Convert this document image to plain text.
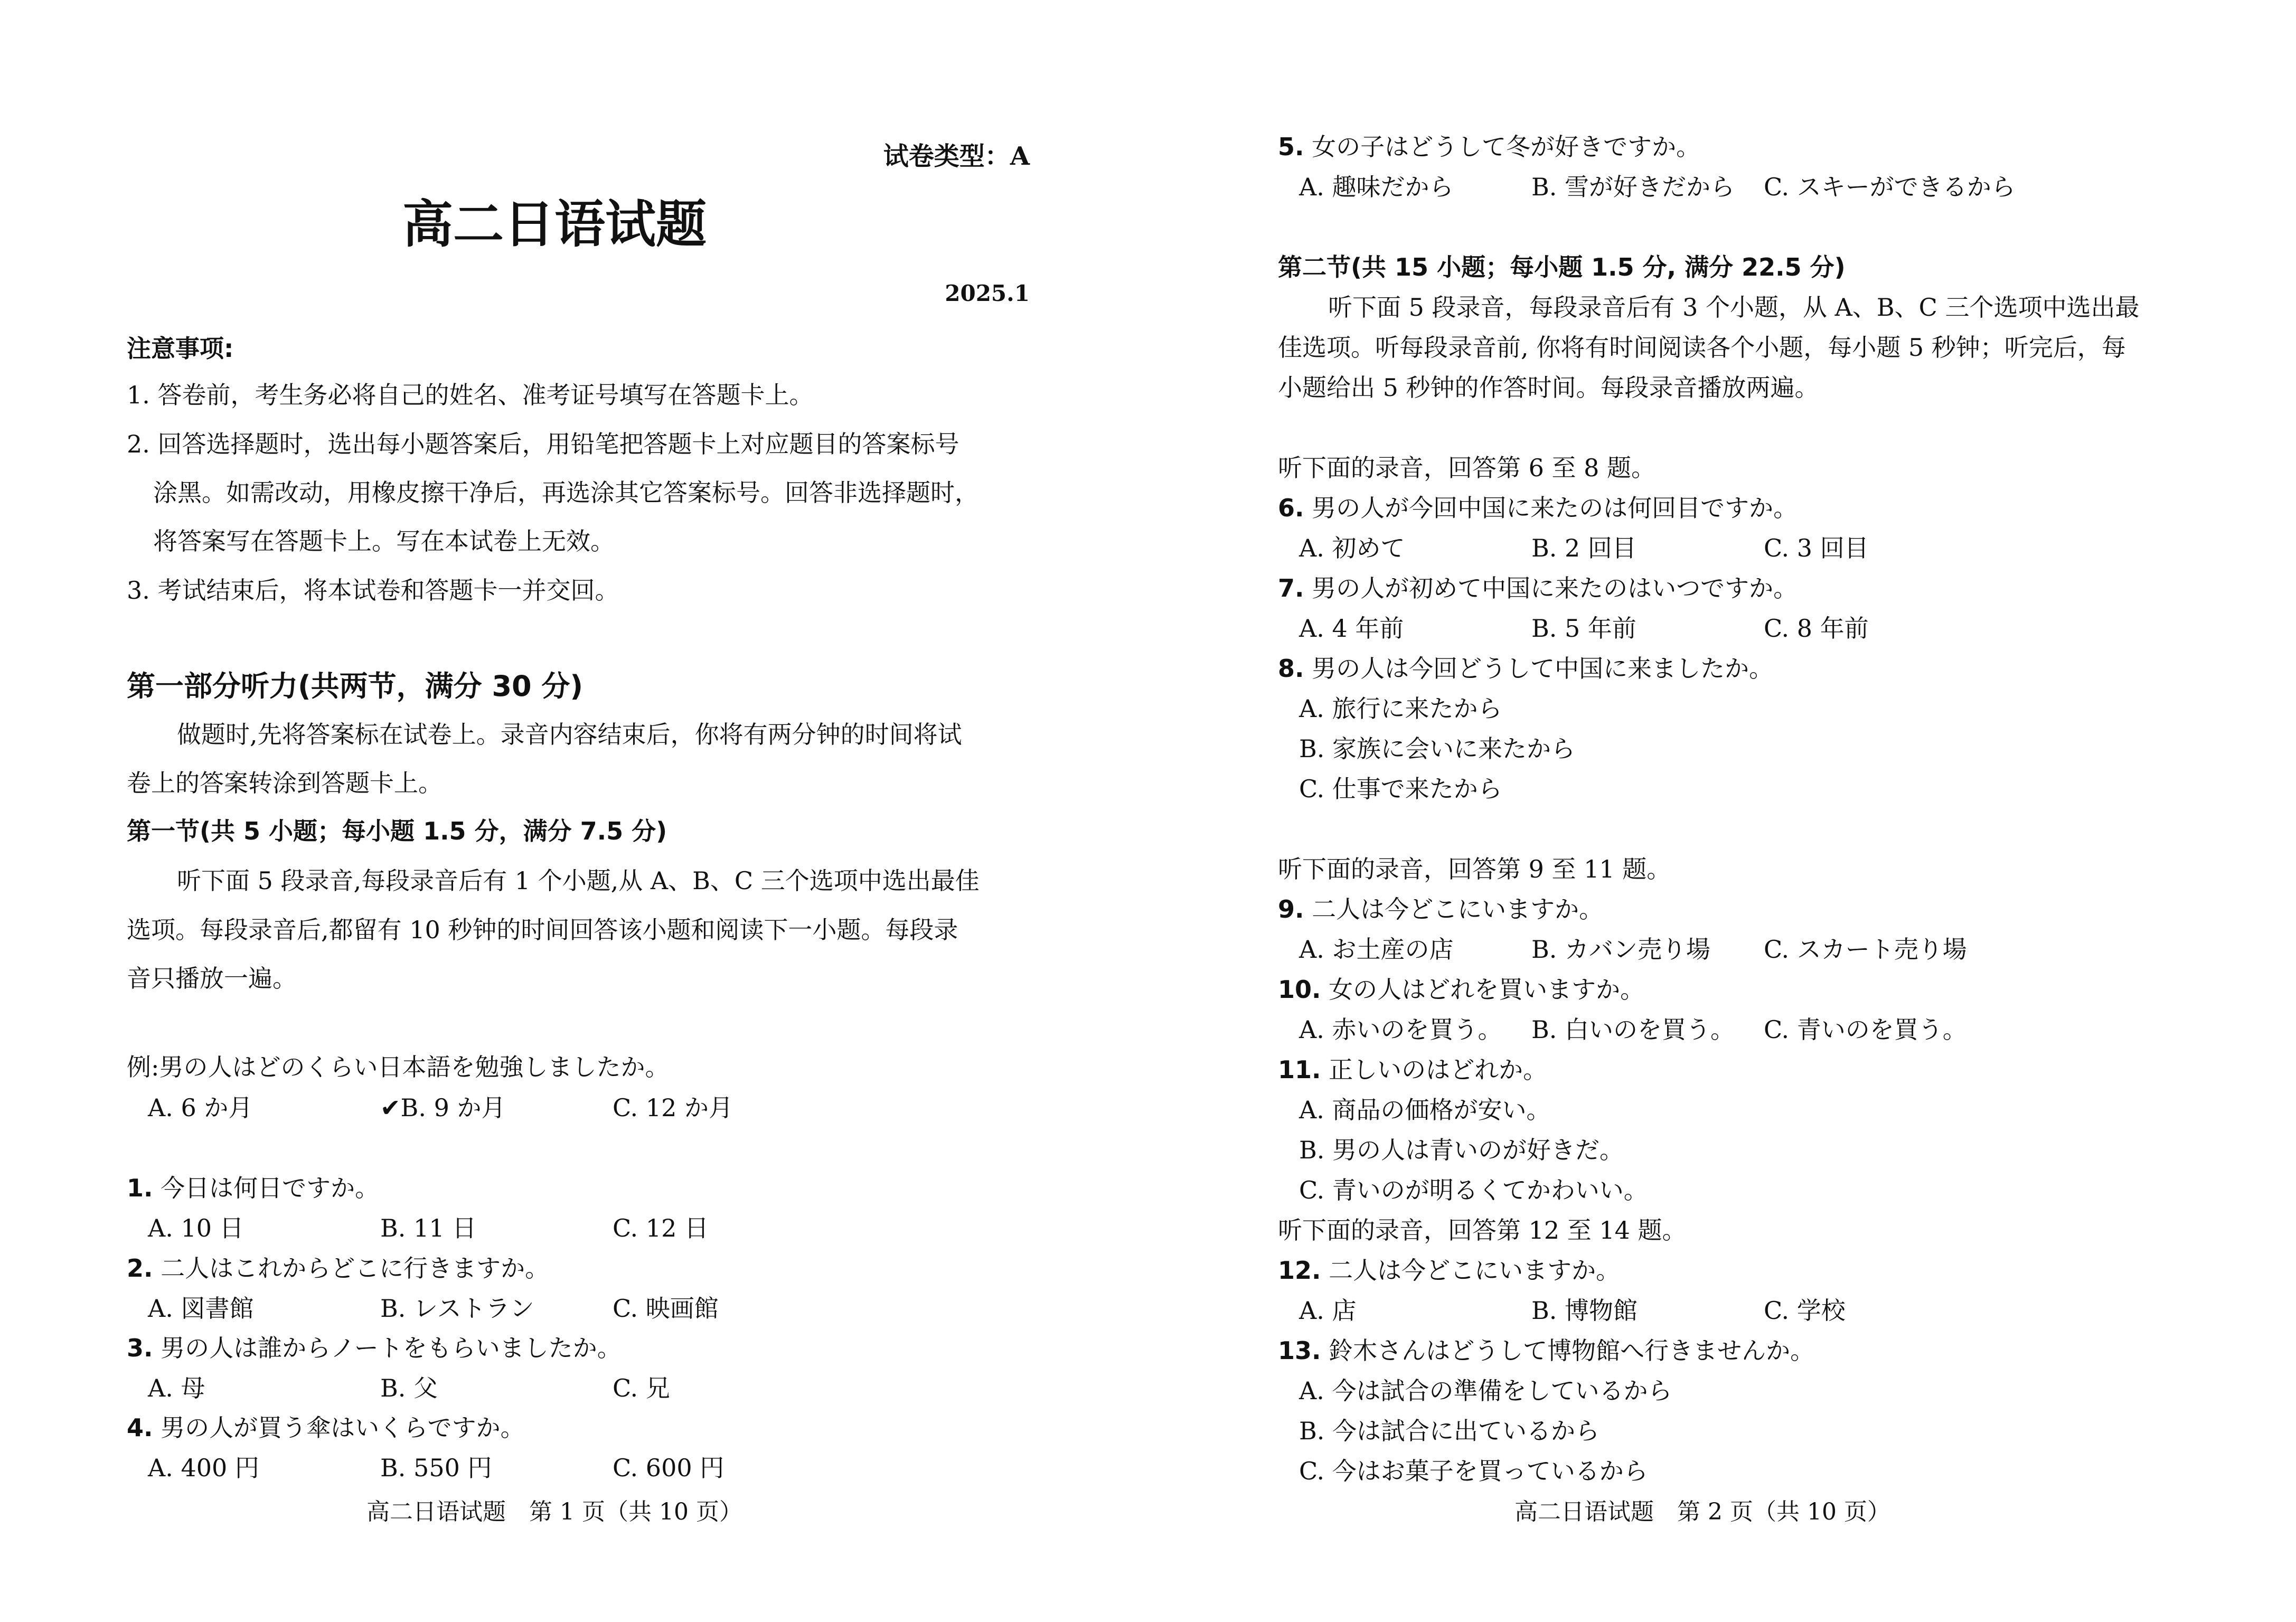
试卷类型：A
高二日语试题
2025.1
注意事项:
1. 答卷前，考生务必将自己的姓名、准考证号填写在答题卡上。
2. 回答选择题时，选出每小题答案后，用铅笔把答题卡上对应题目的答案标号
涂黑。如需改动，用橡皮擦干净后，再选涂其它答案标号。回答非选择题时，
将答案写在答题卡上。写在本试卷上无效。
3. 考试结束后，将本试卷和答题卡一并交回。
第一部分听力(共两节，满分 30 分)
做题时,先将答案标在试卷上。录音内容结束后，你将有两分钟的时间将试
卷上的答案转涂到答题卡上。
第一节(共 5 小题；每小题 1.5 分，满分 7.5 分)
听下面 5 段录音,每段录音后有 1 个小题,从 A、B、C 三个选项中选出最佳
选项。每段录音后,都留有 10 秒钟的时间回答该小题和阅读下一小题。每段录
音只播放一遍。
例:男の人はどのくらい日本語を勉強しましたか。
A. 6 か月	✔B. 9 か月	C. 12 か月
1. 今日は何日ですか。
A. 10 日	B. 11 日	C. 12 日
2. 二人はこれからどこに行きますか。
A. 図書館	B. レストラン	C. 映画館
3. 男の人は誰からノートをもらいましたか。
A. 母	B. 父	C. 兄
4. 男の人が買う傘はいくらですか。
A. 400 円	B. 550 円	C. 600 円
高二日语试题　第 1 页（共 10 页）
5. 女の子はどうして冬が好きですか。
A. 趣味だから	B. 雪が好きだから C. スキーができるから
第二节(共 15 小题；每小题 1.5 分, 满分 22.5 分)
听下面 5 段录音，每段录音后有 3 个小题，从 A、B、C 三个选项中选出最
佳选项。听每段录音前, 你将有时间阅读各个小题，每小题 5 秒钟；听完后，每
小题给出 5 秒钟的作答时间。每段录音播放两遍。
听下面的录音，回答第 6 至 8 题。
6. 男の人が今回中国に来たのは何回目ですか。
A. 初めて	B. 2 回目	C. 3 回目
7. 男の人が初めて中国に来たのはいつですか。
A. 4 年前	B. 5 年前	C. 8 年前
8. 男の人は今回どうして中国に来ましたか。
A. 旅行に来たから
B. 家族に会いに来たから
C. 仕事で来たから
听下面的录音，回答第 9 至 11 题。
9. 二人は今どこにいますか。
A. お土産の店	B. カバン売り場 C. スカート売り場
10. 女の人はどれを買いますか。
A. 赤いのを買う。 B. 白いのを買う。 C. 青いのを買う。
11. 正しいのはどれか。
A. 商品の価格が安い。
B. 男の人は青いのが好きだ。
C. 青いのが明るくてかわいい。
听下面的录音，回答第 12 至 14 题。
12. 二人は今どこにいますか。
A. 店	B. 博物館	C. 学校
13. 鈴木さんはどうして博物館へ行きませんか。
A. 今は試合の準備をしているから
B. 今は試合に出ているから
C. 今はお菓子を買っているから
高二日语试题　第 2 页（共 10 页）
